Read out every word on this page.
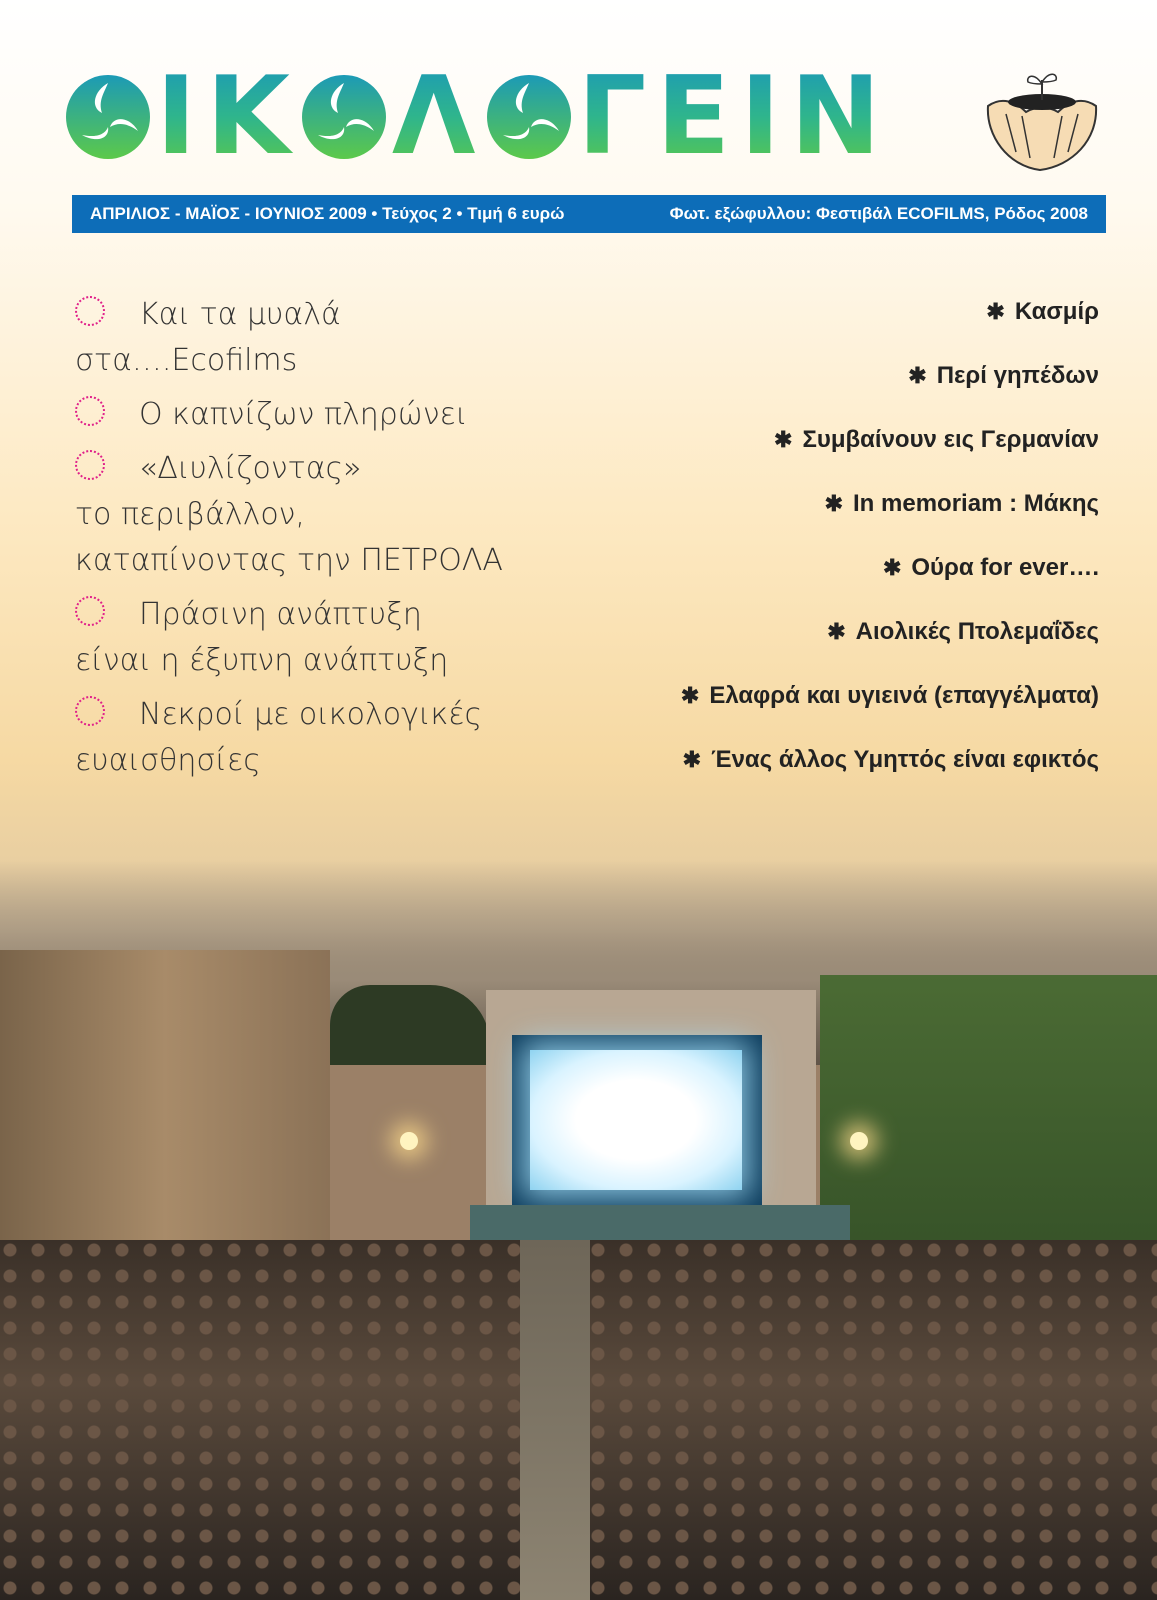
Ι Κ Λ Γ Ε Ι Ν
ΑΠΡΙΛΙΟΣ - ΜΑΪΟΣ - ΙΟΥΝΙΟΣ 2009 • Τεύχος 2 • Τιμή 6 ευρώ	Φωτ. εξώφυλλου: Φεστιβάλ ECOFILMS, Ρόδος 2008
Και τα μυαλά
στα….Ecofilms
Ο καπνίζων πληρώνει
«Διυλίζοντας»
το περιβάλλον,
καταπίνοντας την ΠΕΤΡΟΛΑ
Πράσινη ανάπτυξη
είναι η έξυπνη ανάπτυξη
Νεκροί με οικολογικές
ευαισθησίες
✱ Κασμίρ
✱ Περί γηπέδων
✱ Συμβαίνουν εις Γερμανίαν
✱ In memoriam : Μάκης
✱ Ούρα for ever….
✱ Αιολικές Πτολεμαΐδες
✱ Ελαφρά και υγιεινά (επαγγέλματα)
✱ Ένας άλλος Υμηττός είναι εφικτός
